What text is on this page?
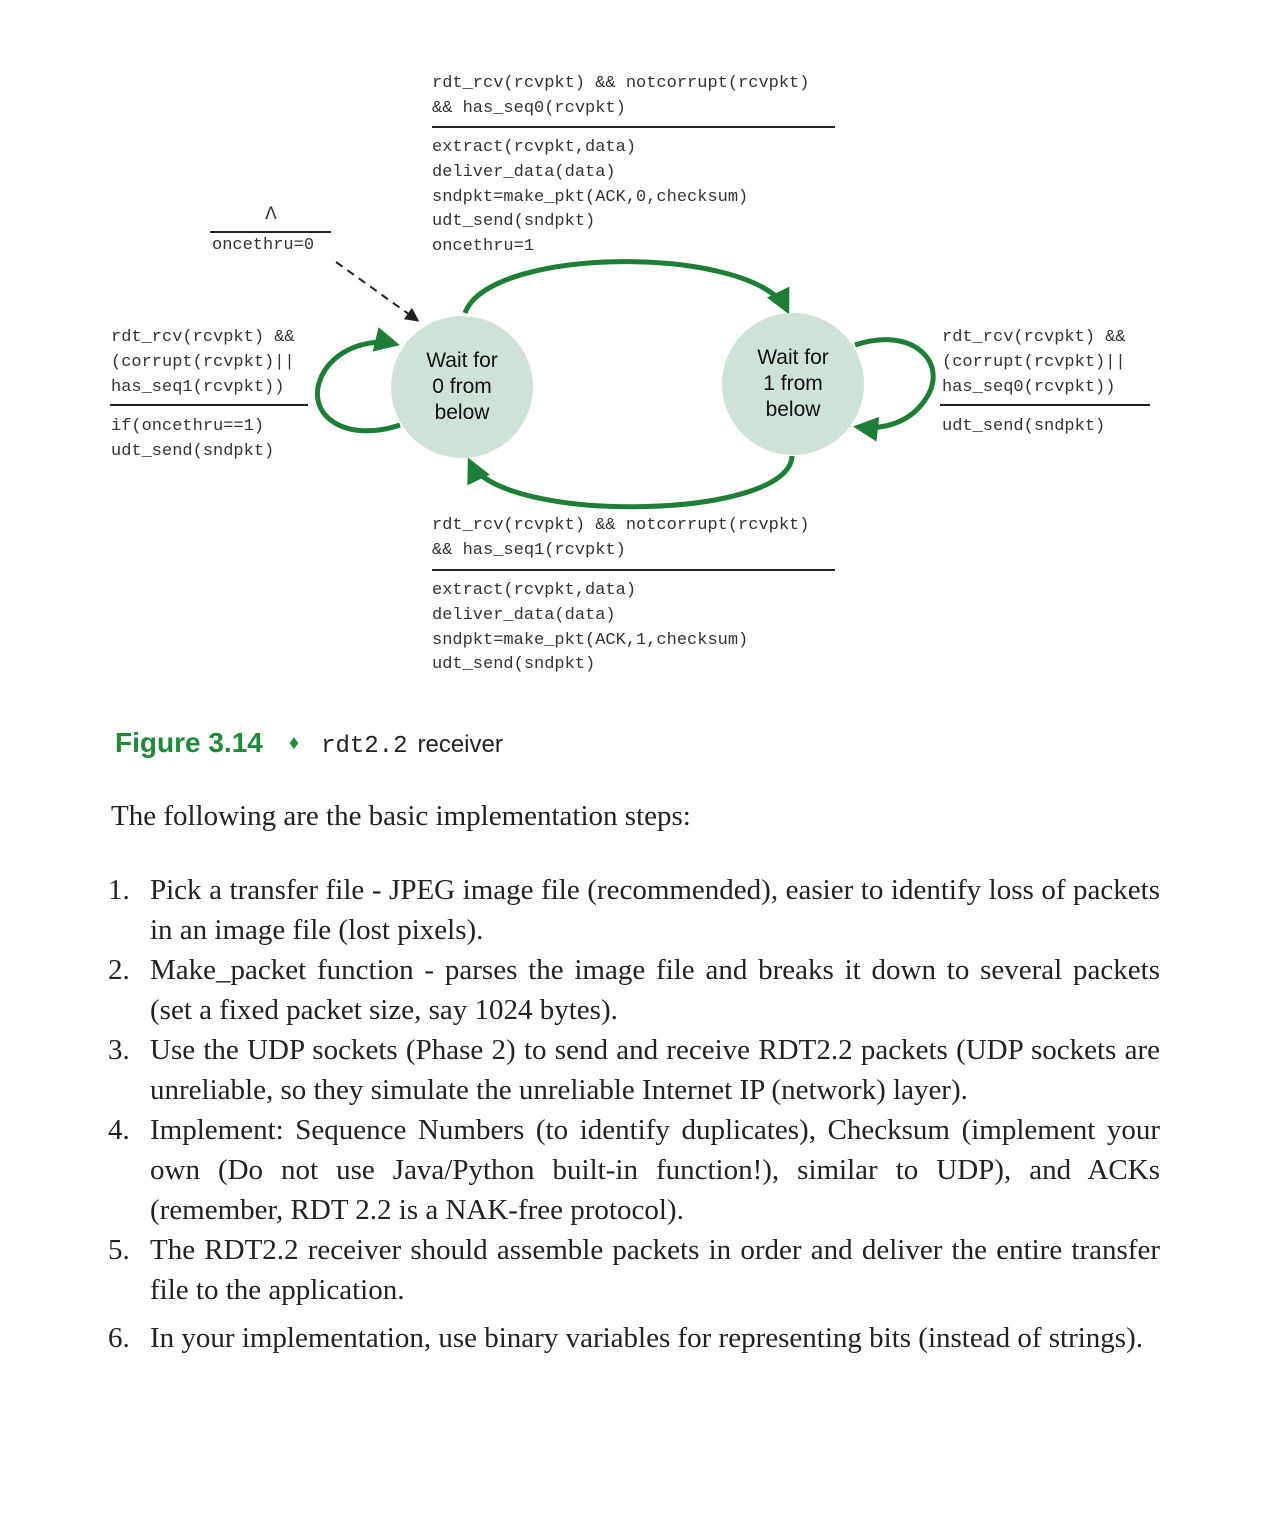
Wait for
0 from
below
Wait for
1 from
below
rdt_rcv(rcvpkt) && notcorrupt(rcvpkt)
&& has_seq0(rcvpkt)
extract(rcvpkt,data)
deliver_data(data)
sndpkt=make_pkt(ACK,0,checksum)
udt_send(sndpkt)
oncethru=1
Λ
oncethru=0
rdt_rcv(rcvpkt) &&
(corrupt(rcvpkt)||
has_seq1(rcvpkt))
if(oncethru==1)
udt_send(sndpkt)
rdt_rcv(rcvpkt) &&
(corrupt(rcvpkt)||
has_seq0(rcvpkt))
udt_send(sndpkt)
rdt_rcv(rcvpkt) && notcorrupt(rcvpkt)
&& has_seq1(rcvpkt)
extract(rcvpkt,data)
deliver_data(data)
sndpkt=make_pkt(ACK,1,checksum)
udt_send(sndpkt)
Figure 3.14 ♦ rdt2.2 receiver
The following are the basic implementation steps:
1. Pick a transfer file - JPEG image file (recommended), easier to identify loss of packets in an image file (lost pixels).
2. Make_packet function - parses the image file and breaks it down to several packets (set a fixed packet size, say 1024 bytes).
3. Use the UDP sockets (Phase 2) to send and receive RDT2.2 packets (UDP sockets are unreliable, so they simulate the unreliable Internet IP (network) layer).
4. Implement: Sequence Numbers (to identify duplicates), Checksum (implement your own (Do not use Java/Python built-in function!), similar to UDP), and ACKs (remember, RDT 2.2 is a NAK-free protocol).
5. The RDT2.2 receiver should assemble packets in order and deliver the entire transfer file to the application.
6. In your implementation, use binary variables for representing bits (instead of strings).
